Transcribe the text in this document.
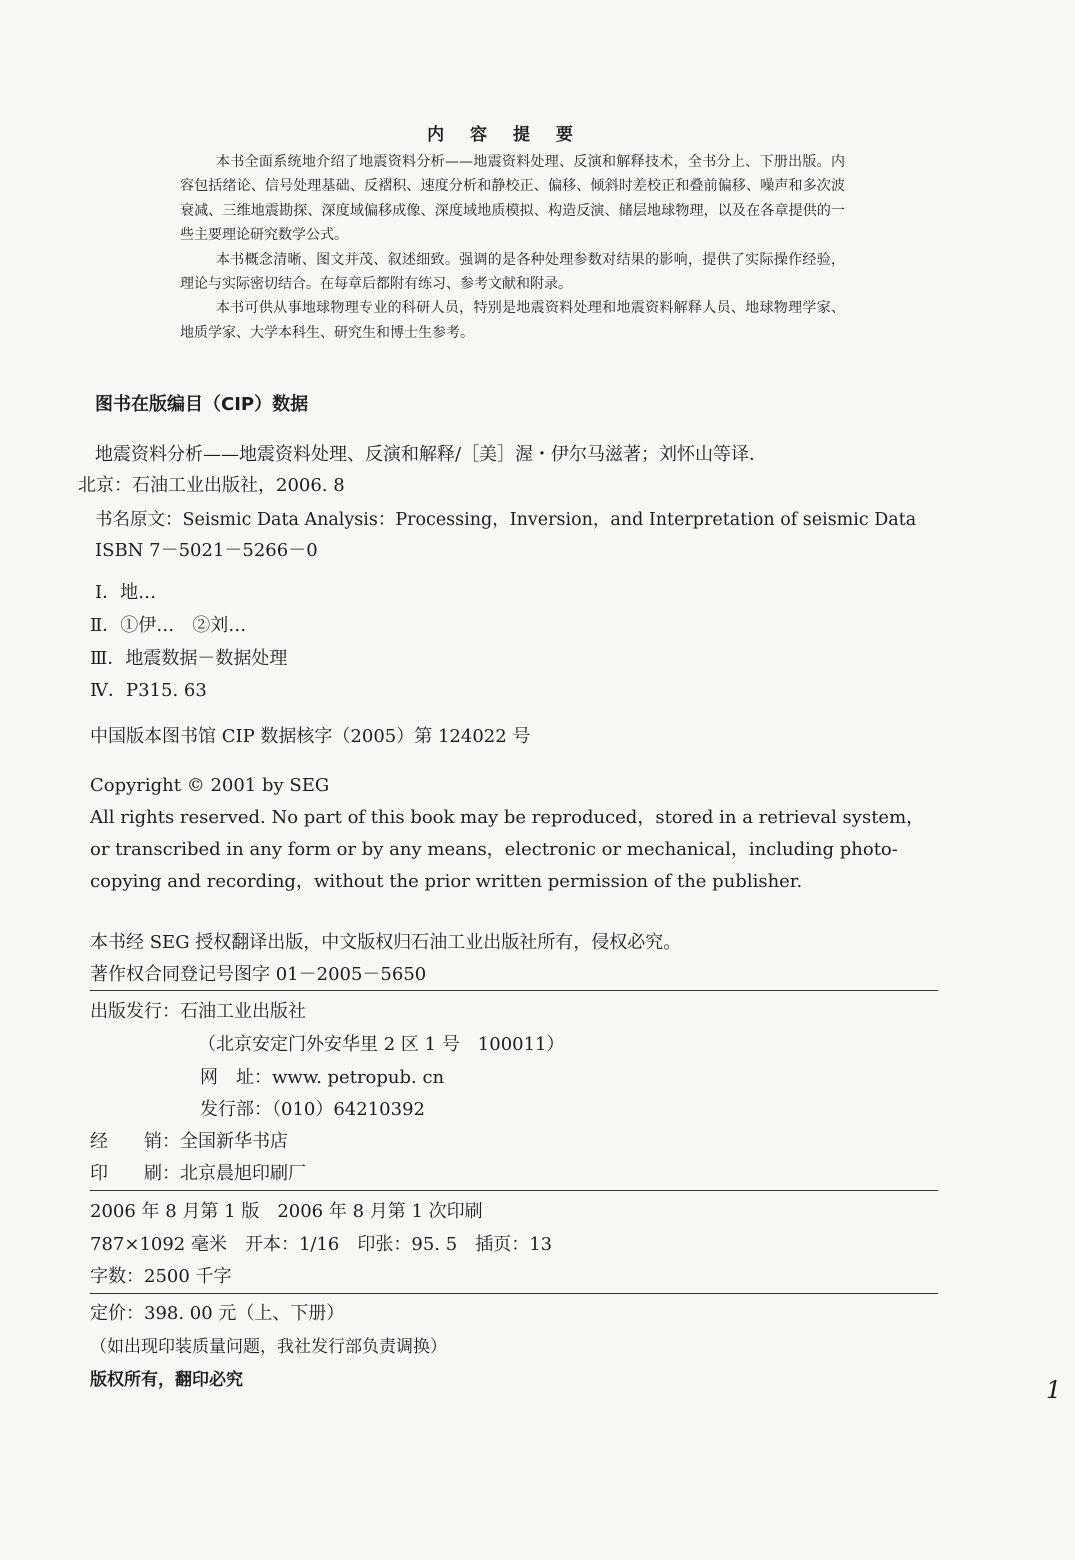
内 容 提 要

本书全面系统地介绍了地震资料分析——地震资料处理、反演和解释技术，全书分上、下册出版。内容包括绪论、信号处理基础、反褶积、速度分析和静校正、偏移、倾斜时差校正和叠前偏移、噪声和多次波衰减、三维地震勘探、深度域偏移成像、深度域地质模拟、构造反演、储层地球物理，以及在各章提供的一些主要理论研究数学公式。

本书概念清晰、图文并茂、叙述细致。强调的是各种处理参数对结果的影响，提供了实际操作经验，理论与实际密切结合。在每章后都附有练习、参考文献和附录。

本书可供从事地球物理专业的科研人员，特别是地震资料处理和地震资料解释人员、地球物理学家、地质学家、大学本科生、研究生和博士生参考。

图书在版编目（CIP）数据
地震资料分析——地震资料处理、反演和解释/［美］渥・伊尔马滋著；刘怀山等译．
北京：石油工业出版社，2006. 8
书名原文：Seismic Data Analysis：Processing，Inversion，and Interpretation of seismic Data
ISBN 7－5021－5266－0
Ⅰ．地…
Ⅱ．①伊…　②刘…
Ⅲ．地震数据－数据处理
Ⅳ．P315. 63
中国版本图书馆 CIP 数据核字（2005）第 124022 号
Copyright © 2001 by SEG
All rights reserved. No part of this book may be reproduced，stored in a retrieval system，
or transcribed in any form or by any means，electronic or mechanical，including photo-
copying and recording，without the prior written permission of the publisher.
本书经 SEG 授权翻译出版，中文版权归石油工业出版社所有，侵权必究。
著作权合同登记号图字 01－2005－5650
出版发行：石油工业出版社
（北京安定门外安华里 2 区 1 号　100011）
网　址：www. petropub. cn
发行部：（010）64210392
经　　销：全国新华书店
印　　刷：北京晨旭印刷厂
2006 年 8 月第 1 版　2006 年 8 月第 1 次印刷
787×1092 毫米　开本：1/16　印张：95. 5　插页：13
字数：2500 千字
定价：398. 00 元（上、下册）
（如出现印装质量问题，我社发行部负责调换）
版权所有，翻印必究	1
